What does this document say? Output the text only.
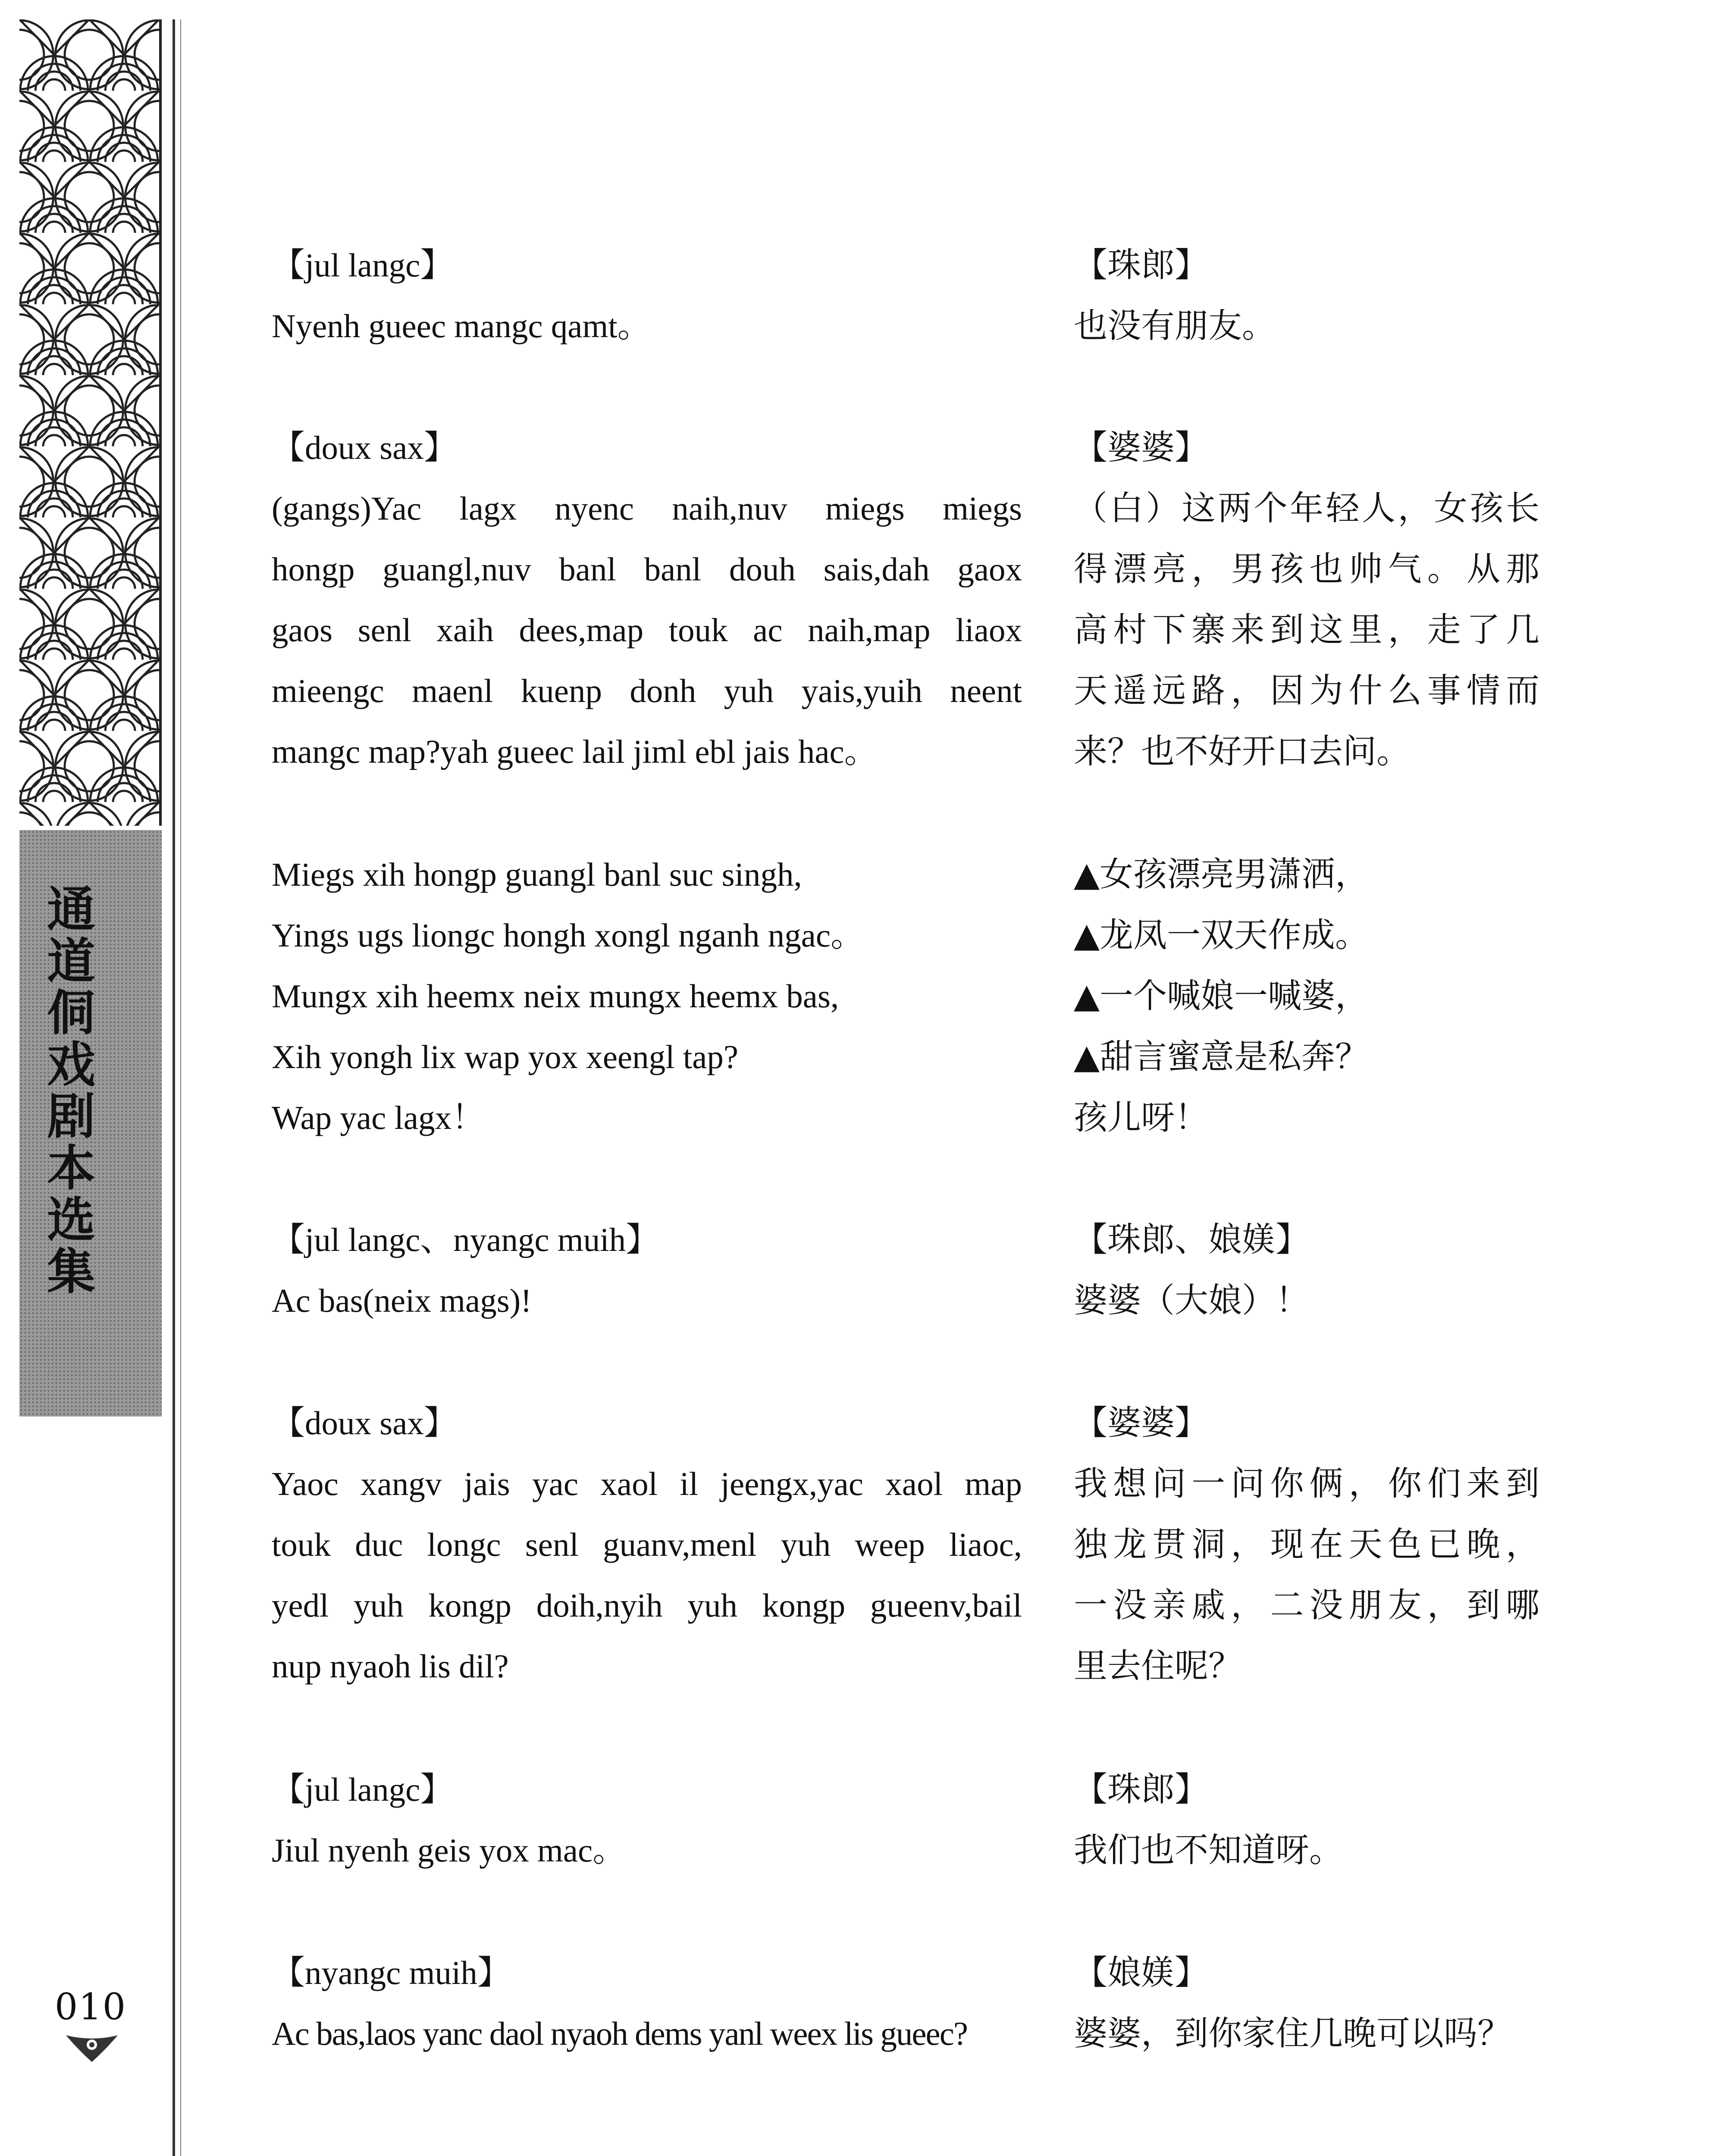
通
道
侗
戏
剧
本
选
集
010
【jul langc】
Nyenh gueec mangc qamt。
【珠郎】
也没有朋友。
【doux sax】
(gangs)Yac lagx nyenc naih,nuv miegs miegs
hongp guangl,nuv banl banl douh sais,dah gaox
gaos senl xaih dees,map touk ac naih,map liaox
mieengc maenl kuenp donh yuh yais,yuih neent
mangc map?yah gueec lail jiml ebl jais hac。
【婆婆】
（白）这两个年轻人，女孩长
得漂亮，男孩也帅气。从那
高村下寨来到这里，走了几
天遥远路，因为什么事情而
来？也不好开口去问。
Miegs xih hongp guangl banl suc singh,
Yings ugs liongc hongh xongl nganh ngac。
Mungx xih heemx neix mungx heemx bas,
Xih yongh lix wap yox xeengl tap?
Wap yac lagx！
▲女孩漂亮男潇洒，
▲龙凤一双天作成。
▲一个喊娘一喊婆，
▲甜言蜜意是私奔？
孩儿呀！
【jul langc、nyangc muih】
Ac bas(neix mags)!
【珠郎、娘媄】
婆婆（大娘）！
【doux sax】
Yaoc xangv jais yac xaol il jeengx,yac xaol map
touk duc longc senl guanv,menl yuh weep liaoc,
yedl yuh kongp doih,nyih yuh kongp gueenv,bail
nup nyaoh lis dil?
【婆婆】
我想问一问你俩，你们来到
独龙贯洞，现在天色已晚，
一没亲戚，二没朋友，到哪
里去住呢？
【jul langc】
Jiul nyenh geis yox mac。
【珠郎】
我们也不知道呀。
【nyangc muih】
Ac bas,laos yanc daol nyaoh dems yanl weex lis gueec?
【娘媄】
婆婆，到你家住几晚可以吗？
